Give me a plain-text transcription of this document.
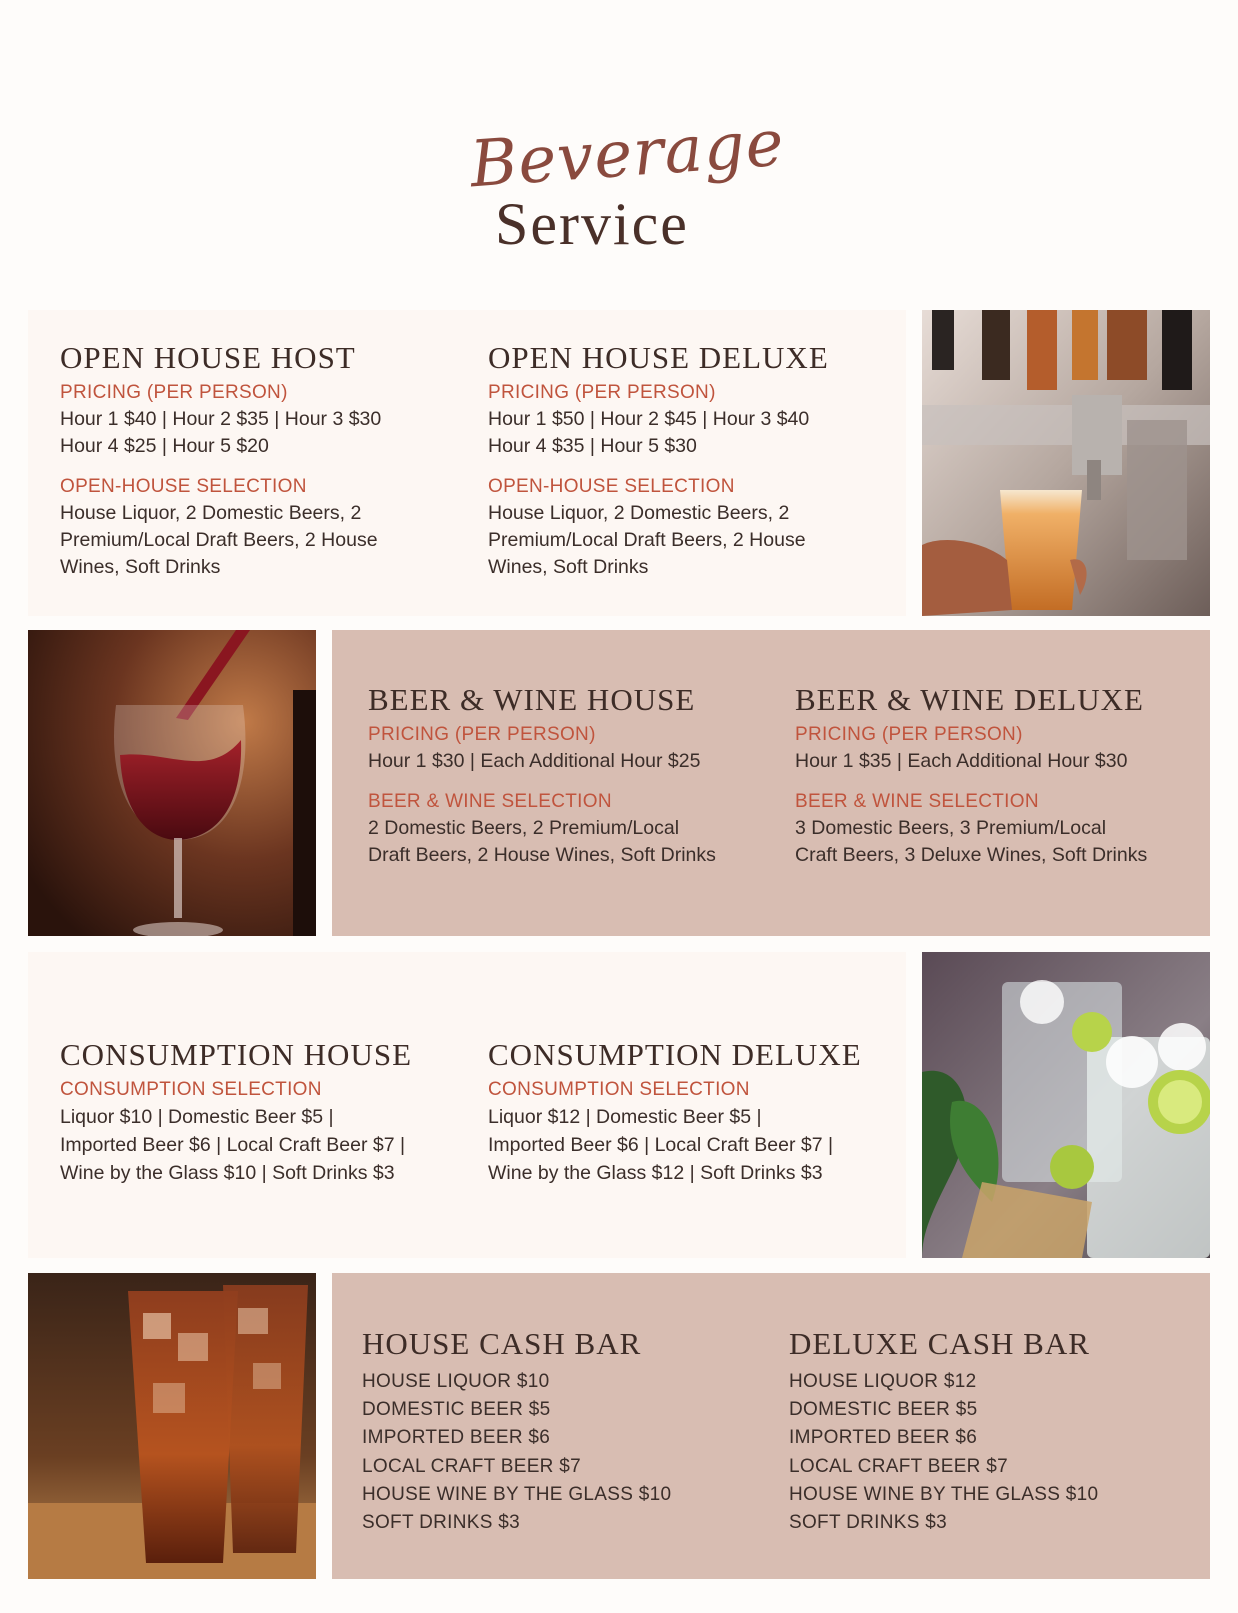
Beverage
Service
OPEN HOUSE HOST
PRICING (PER PERSON)
Hour 1 $40 | Hour 2 $35 | Hour 3 $30
Hour 4 $25 | Hour 5 $20
OPEN-HOUSE SELECTION
House Liquor, 2 Domestic Beers, 2
Premium/Local Draft Beers, 2 House
Wines, Soft Drinks
OPEN HOUSE DELUXE
PRICING (PER PERSON)
Hour 1 $50 | Hour 2 $45 | Hour 3 $40
Hour 4 $35 | Hour 5 $30
OPEN-HOUSE SELECTION
House Liquor, 2 Domestic Beers, 2
Premium/Local Draft Beers, 2 House
Wines, Soft Drinks
BEER & WINE HOUSE
PRICING (PER PERSON)
Hour 1 $30 | Each Additional Hour $25
BEER & WINE SELECTION
2 Domestic Beers, 2 Premium/Local
Draft Beers, 2 House Wines, Soft Drinks
BEER & WINE DELUXE
PRICING (PER PERSON)
Hour 1 $35 | Each Additional Hour $30
BEER & WINE SELECTION
3 Domestic Beers, 3 Premium/Local
Craft Beers, 3 Deluxe Wines, Soft Drinks
CONSUMPTION HOUSE
CONSUMPTION SELECTION
Liquor $10 | Domestic Beer $5 |
Imported Beer $6 | Local Craft Beer $7 |
Wine by the Glass $10 | Soft Drinks $3
CONSUMPTION DELUXE
CONSUMPTION SELECTION
Liquor $12 | Domestic Beer $5 |
Imported Beer $6 | Local Craft Beer $7 |
Wine by the Glass $12 | Soft Drinks $3
HOUSE CASH BAR
HOUSE LIQUOR $10
DOMESTIC BEER $5
IMPORTED BEER $6
LOCAL CRAFT BEER $7
HOUSE WINE BY THE GLASS $10
SOFT DRINKS $3
DELUXE CASH BAR
HOUSE LIQUOR $12
DOMESTIC BEER $5
IMPORTED BEER $6
LOCAL CRAFT BEER $7
HOUSE WINE BY THE GLASS $10
SOFT DRINKS $3
